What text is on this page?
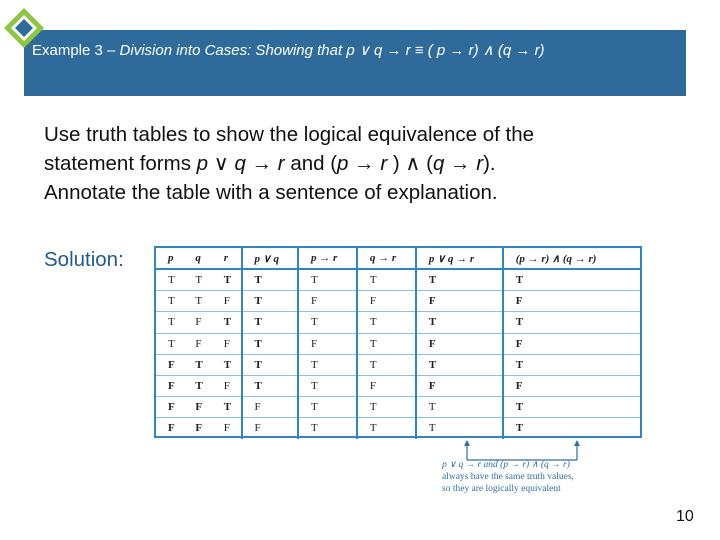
Example 3 – Division into Cases: Showing that p ∨ q → r ≡ ( p → r) ∧ (q → r)
Use truth tables to show the logical equivalence of the
statement forms p ∨ q → r and (p → r ) ∧ (q → r).
Annotate the table with a sentence of explanation.
Solution:	p	q	r	p ∨ q	p → r	q → r	p ∨ q → r	(p → r) ∧ (q → r)
T	T	T	T	T	T	T	T
T	T	F	T	F	F	F	F
T	F	T	T	T	T	T	T
T	F	F	T	F	T	F	F
F	T	T	T	T	T	T	T
F	T	F	T	T	F	F	F
F	F	T	F	T	T	T	T
F	F	F	F	T	T	T	T
p ∨ q → r and (p → r) ∧ (q → r)
always have the same truth values,
so they are logically equivalent
10
